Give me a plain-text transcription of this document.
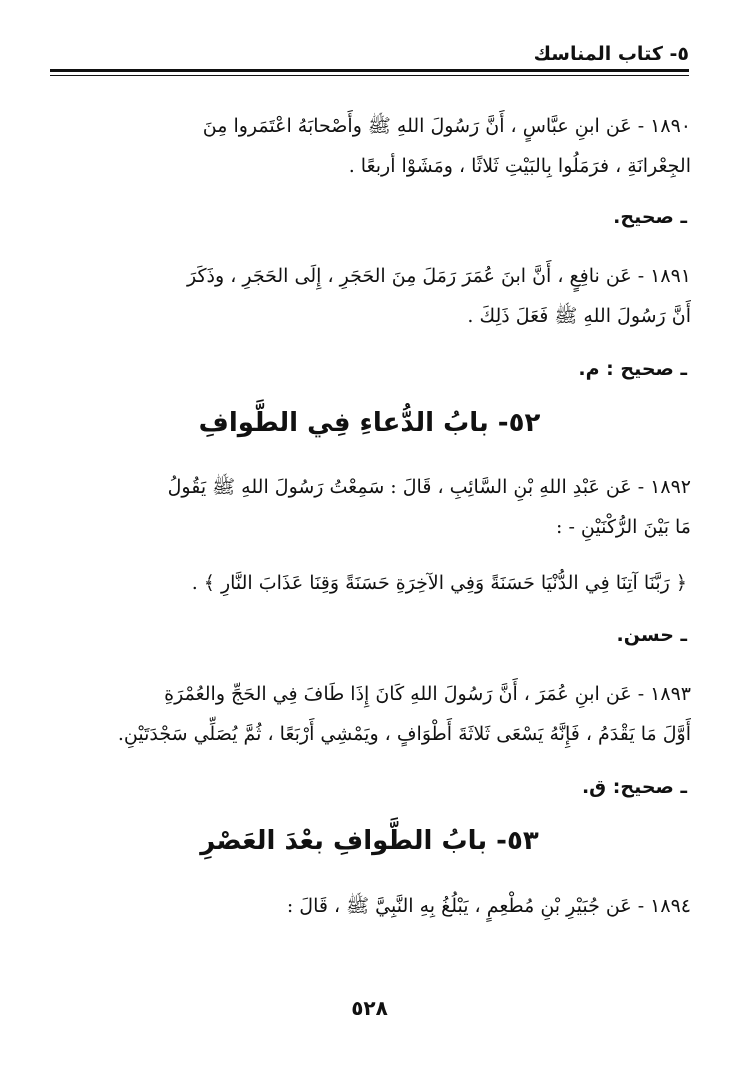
٥- كتاب المناسك
١٨٩٠ - عَن ابنِ عبَّاسٍ ، أَنَّ رَسُولَ اللهِ ﷺ وأَصْحابَهُ اعْتَمَروا مِنَ
الجِعْرانَةِ ، فرَمَلُوا بِالبَيْتِ ثَلاثًا ، ومَشَوْا أربعًا .
ـ صحيح.
١٨٩١ - عَن نافِعٍ ، أَنَّ ابنَ عُمَرَ رَمَلَ مِنَ الحَجَرِ ، إِلَى الحَجَرِ ، وذَكَرَ
أَنَّ رَسُولَ اللهِ ﷺ فَعَلَ ذَلِكَ .
ـ صحيح : م.
٥٢- بابُ الدُّعاءِ فِي الطَّوافِ
١٨٩٢ - عَن عَبْدِ اللهِ بْنِ السَّائِبِ ، قَالَ : سَمِعْتُ رَسُولَ اللهِ ﷺ يَقُولُ
مَا بَيْنَ الرُّكْنَيْنِ - :
﴿ رَبَّنَا آتِنَا فِي الدُّنْيَا حَسَنَةً وَفِي الآخِرَةِ حَسَنَةً وَقِنَا عَذَابَ النَّارِ ﴾ .
ـ حسن.
١٨٩٣ - عَن ابنِ عُمَرَ ، أَنَّ رَسُولَ اللهِ كَانَ إِذَا طَافَ فِي الحَجِّ والعُمْرَةِ
أَوَّلَ مَا يَقْدَمُ ، فَإِنَّهُ يَسْعَى ثَلاثَةَ أَطْوَافٍ ، ويَمْشِي أَرْبَعًا ، ثُمَّ يُصَلِّي سَجْدَتَيْنِ.
ـ صحيح: ق.
٥٣- بابُ الطَّوافِ بعْدَ العَصْرِ
١٨٩٤ - عَن جُبَيْرِ بْنِ مُطْعِمٍ ، يَبْلُغُ بِهِ النَّبِيَّ ﷺ ، قَالَ :
٥٢٨
